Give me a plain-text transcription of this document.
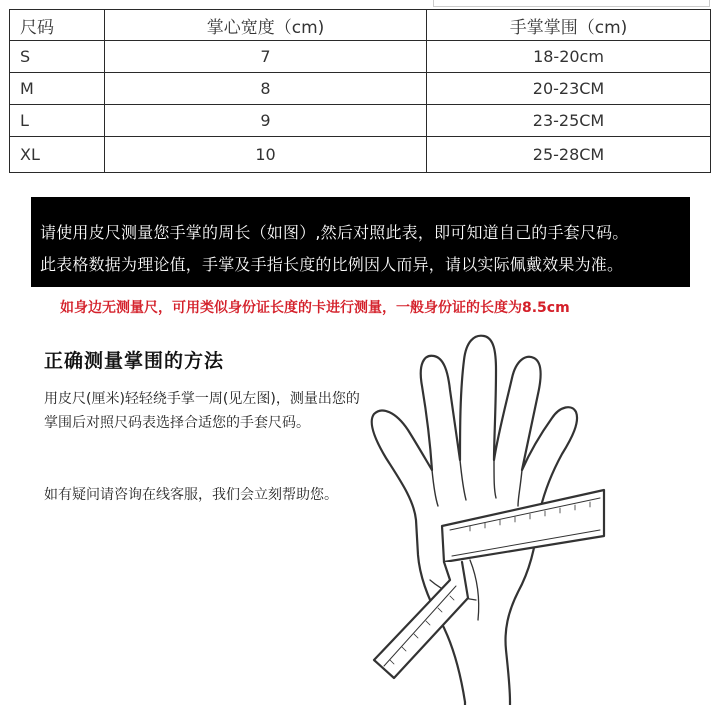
尺码	掌心宽度（cm)	手掌掌围（cm)
S	7	18-20cm
M	8	20-23CM
L	9	23-25CM
XL	10	25-28CM

请使用皮尺测量您手掌的周长（如图）,然后对照此表，即可知道自己的手套尺码。

此表格数据为理论值，手掌及手指长度的比例因人而异，请以实际佩戴效果为准。

如身边无测量尺，可用类似身份证长度的卡进行测量，一般身份证的长度为8.5cm
正确测量掌围的方法
用皮尺(厘米)轻轻绕手掌一周(见左图)，测量出您的
掌围后对照尺码表选择合适您的手套尺码。
如有疑问请咨询在线客服，我们会立刻帮助您。
